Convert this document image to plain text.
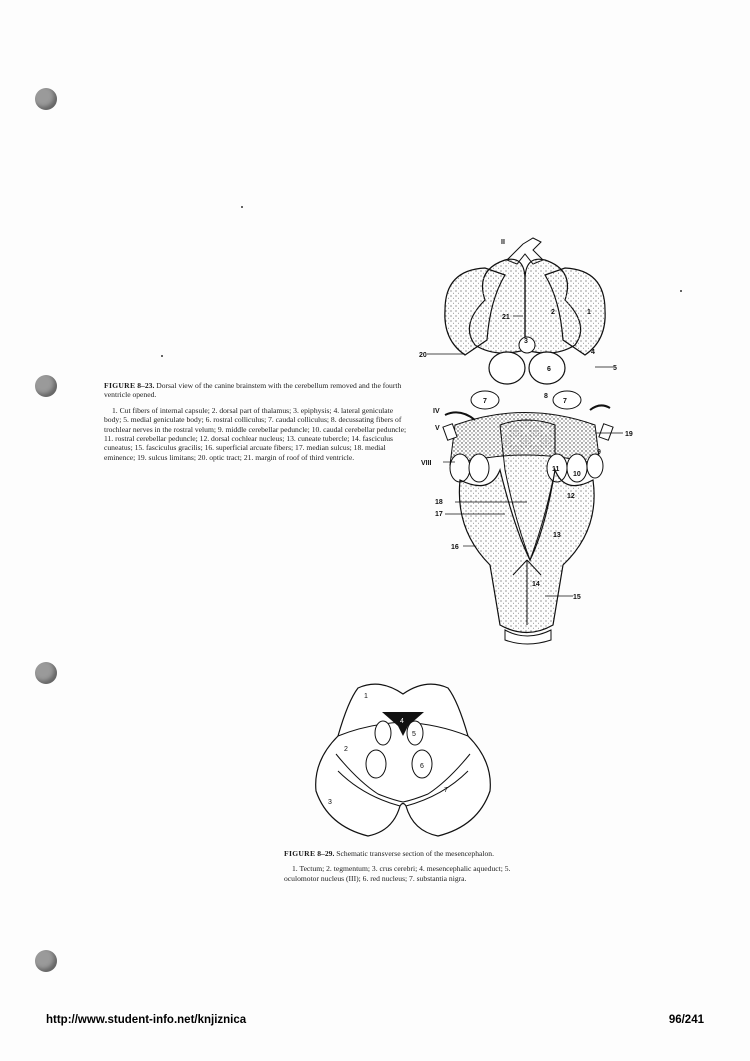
II
21
2	1
3
4
20
5
6
7	7
8
IV
V
19
9
VIII
11
10
12
18
17
13
16
14
15

FIGURE 8–23. Dorsal view of the canine brainstem with the cerebellum removed and the fourth ventricle opened.

1. Cut fibers of internal capsule; 2. dorsal part of thalamus; 3. epiphysis; 4. lateral geniculate body; 5. medial geniculate body; 6. rostral colliculus; 7. caudal colliculus; 8. decussating fibers of trochlear nerves in the rostral velum; 9. middle cerebellar peduncle; 10. caudal cerebellar peduncle; 11. rostral cerebellar peduncle; 12. dorsal cochlear nucleus; 13. cuneate tubercle; 14. fasciculus cuneatus; 15. fasciculus gracilis; 16. superficial arcuate fibers; 17. median sulcus; 18. medial eminence; 19. sulcus limitans; 20. optic tract; 21. margin of roof of third ventricle.

1
4
5
2
6
7
3

FIGURE 8–29. Schematic transverse section of the mesencephalon.

1. Tectum; 2. tegmentum; 3. crus cerebri; 4. mesencephalic aqueduct; 5. oculomotor nucleus (III); 6. red nucleus; 7. substantia nigra.

http://www.student-info.net/knjiznica	96/241
